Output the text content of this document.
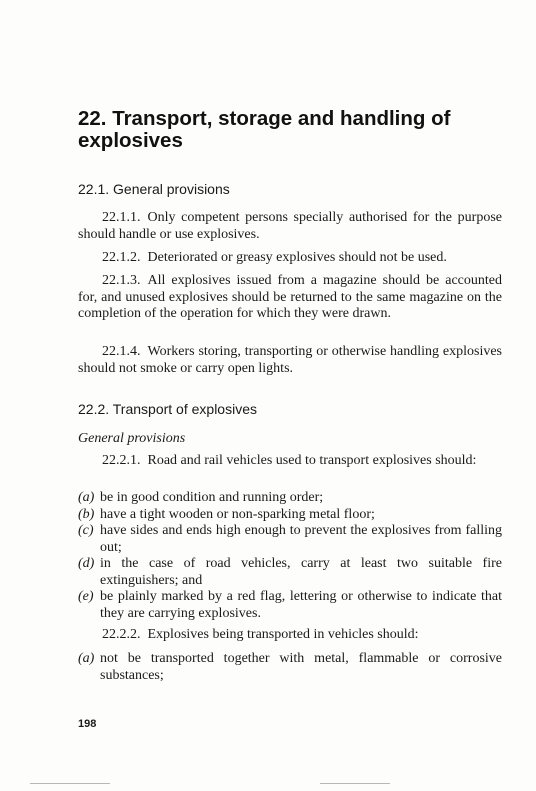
22. Transport, storage and handling of explosives
22.1. General provisions

22.1.1. Only competent persons specially authorised for the purpose should handle or use explosives.

22.1.2. Deteriorated or greasy explosives should not be used.

22.1.3. All explosives issued from a magazine should be accounted for, and unused explosives should be returned to the same magazine on the completion of the operation for which they were drawn.

22.1.4. Workers storing, transporting or otherwise handling explosives should not smoke or carry open lights.

22.2. Transport of explosives

General provisions

22.2.1. Road and rail vehicles used to transport explosives should:

(a) be in good condition and running order;
(b) have a tight wooden or non-sparking metal floor;
(c) have sides and ends high enough to prevent the explosives from falling out;
(d) in the case of road vehicles, carry at least two suitable fire extinguishers; and
(e) be plainly marked by a red flag, lettering or otherwise to indicate that they are carrying explosives.

22.2.2. Explosives being transported in vehicles should:

(a) not be transported together with metal, flammable or corrosive substances;

198
